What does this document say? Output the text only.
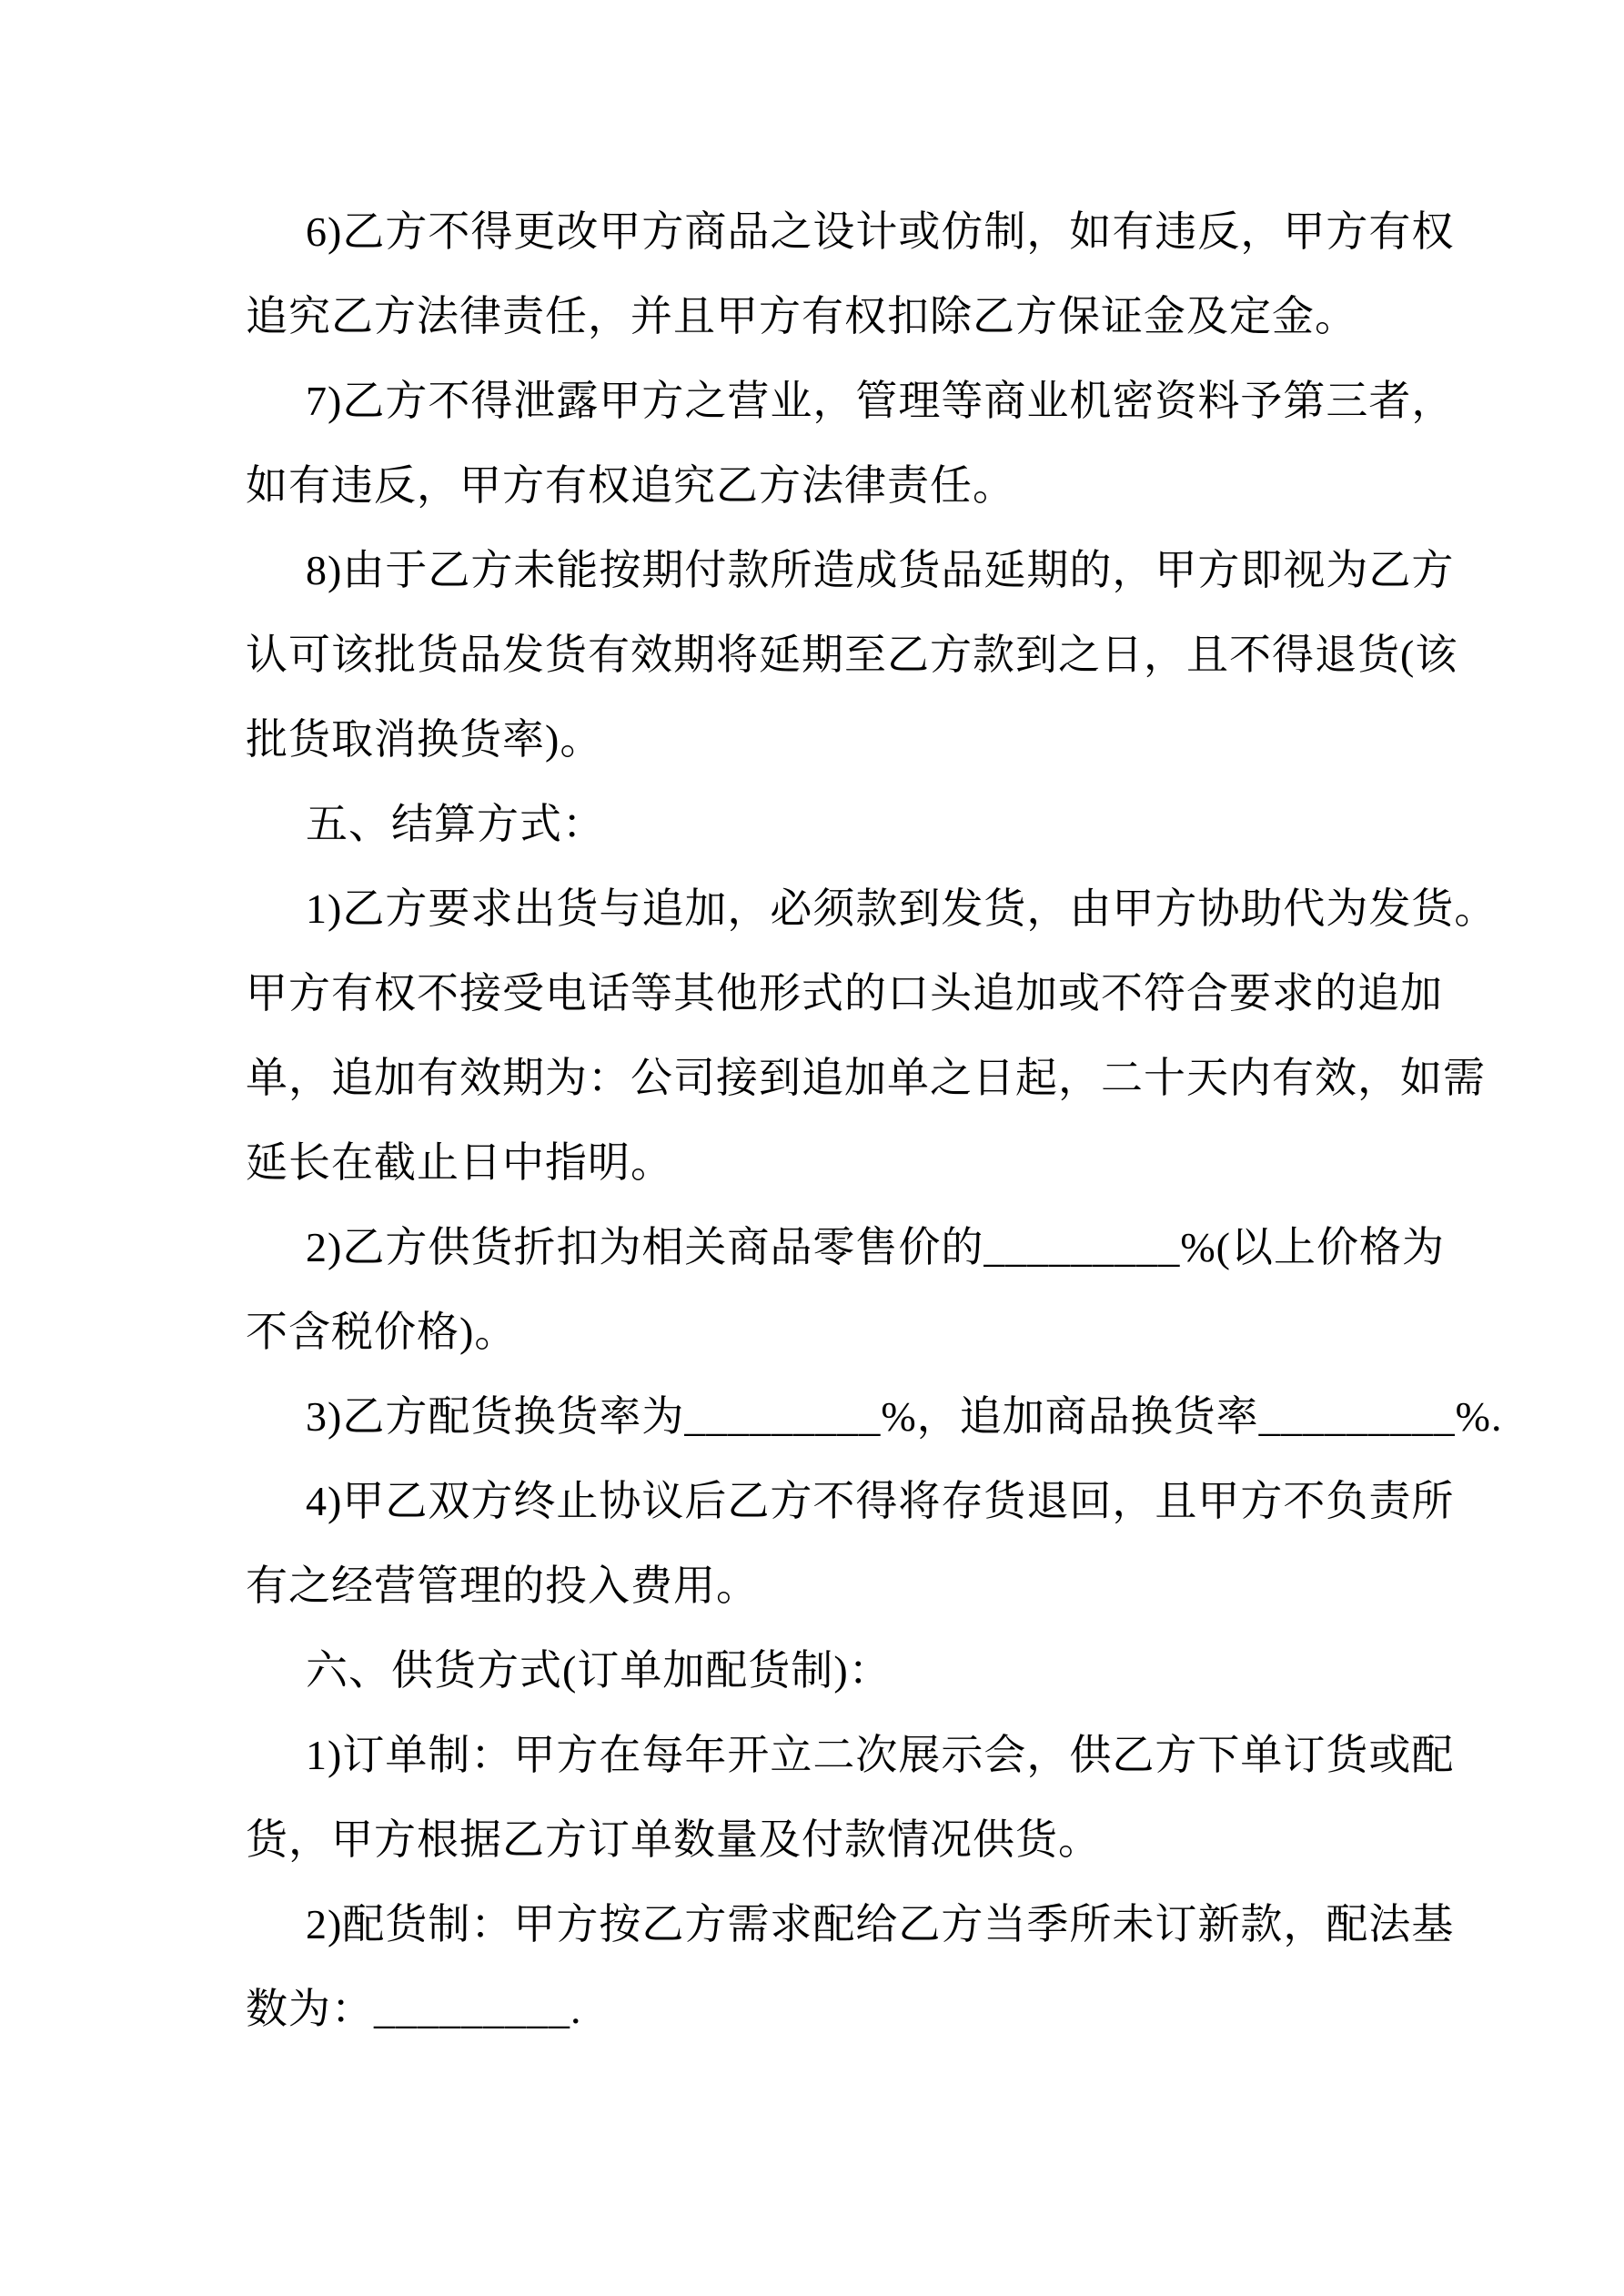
6)乙方不得更改甲方商品之设计或仿制，如有违反，甲方有权
追究乙方法律责任，并且甲方有权扣除乙方保证金及定金。
7)乙方不得泄露甲方之营业，管理等商业机密资料予第三者，
如有违反，甲方有权追究乙方法律责任。
8)由于乙方未能按期付款所造成货品延期的，甲方即视为乙方
认可该批货品发货有效期将延期至乙方款到之日，且不得退货(该
批货取消换货率)。
五、结算方式：
1)乙方要求出货与追加，必须款到发货，由甲方协助代为发货。
甲方有权不接受电话等其他形式的口头追加或不符合要求的追加
单，追加有效期为：公司接到追加单之日起，二十天内有效，如需
延长在截止日中指明。
2)乙方供货折扣为相关商品零售价的_________%(以上价格为
不含税价格)。
3)乙方配货换货率为_________%，追加商品换货率_________%.
4)甲乙双方终止协议后乙方不得将存货退回，且甲方不负责所
有之经营管理的投入费用。
六、供货方式(订单加配货制)：
1)订单制：甲方在每年开立二次展示会，供乙方下单订货或配
货，甲方根据乙方订单数量及付款情况供货。
2)配货制：甲方按乙方需求配给乙方当季所未订新款，配法基
数为：_________.
